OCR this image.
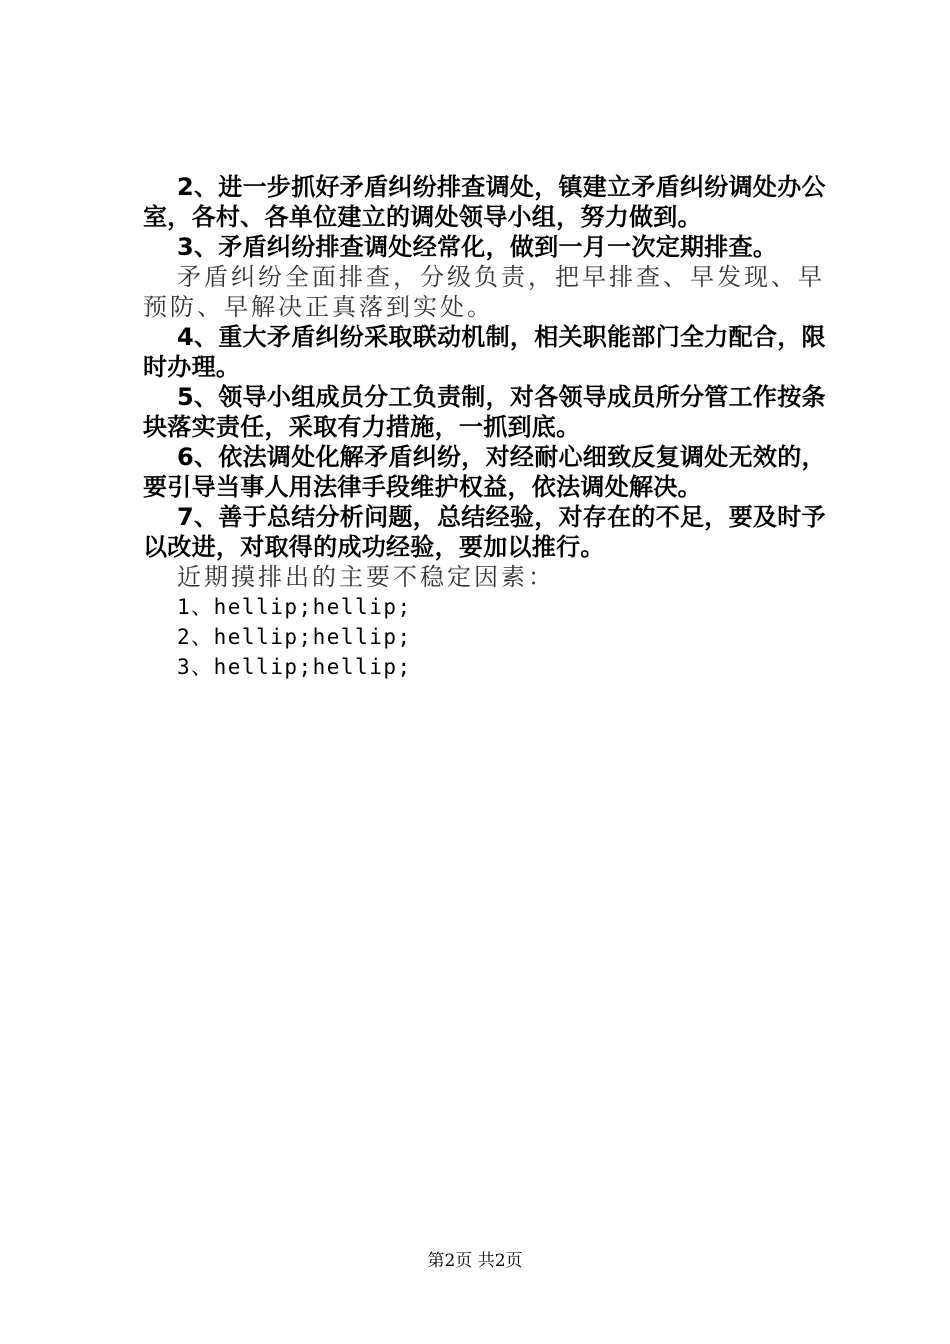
2、进一步抓好矛盾纠纷排查调处，镇建立矛盾纠纷调处办公室，各村、各单位建立的调处领导小组，努力做到。

3、矛盾纠纷排查调处经常化，做到一月一次定期排查。

矛盾纠纷全面排查，分级负责，把早排查、早发现、早预防、早解决正真落到实处。

4、重大矛盾纠纷采取联动机制，相关职能部门全力配合，限时办理。

5、领导小组成员分工负责制，对各领导成员所分管工作按条块落实责任，采取有力措施，一抓到底。

6、依法调处化解矛盾纠纷，对经耐心细致反复调处无效的，要引导当事人用法律手段维护权益，依法调处解决。

7、善于总结分析问题，总结经验，对存在的不足，要及时予以改进，对取得的成功经验，要加以推行。

近期摸排出的主要不稳定因素：

1、hellip;hellip;

2、hellip;hellip;

3、hellip;hellip;

第2页 共2页
